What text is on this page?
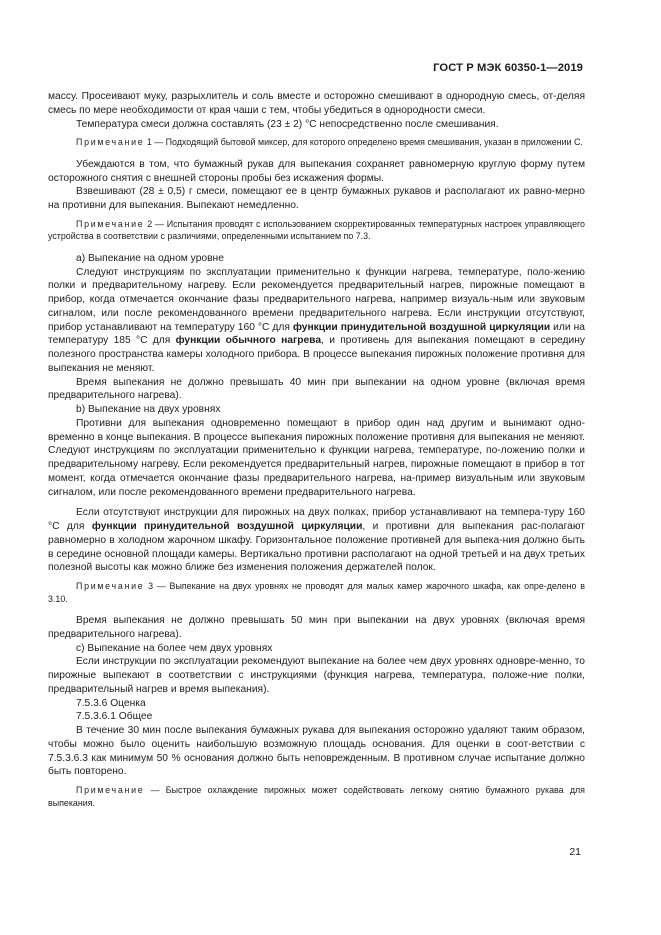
ГОСТ Р МЭК 60350-1—2019

массу. Просеивают муку, разрыхлитель и соль вместе и осторожно смешивают в однородную смесь, от-деляя смесь по мере необходимости от края чаши с тем, чтобы убедиться в однородности смеси.

Температура смеси должна составлять (23 ± 2) °С непосредственно после смешивания.

Примечание 1 — Подходящий бытовой миксер, для которого определено время смешивания, указан в приложении С.

Убеждаются в том, что бумажный рукав для выпекания сохраняет равномерную круглую форму путем осторожного снятия с внешней стороны пробы без искажения формы.

Взвешивают (28 ± 0,5) г смеси, помещают ее в центр бумажных рукавов и располагают их равно-мерно на противни для выпекания. Выпекают немедленно.

Примечание 2 — Испытания проводят с использованием скорректированных температурных настроек управляющего устройства в соответствии с различиями, определенными испытанием по 7.3.

a) Выпекание на одном уровне

Следуют инструкциям по эксплуатации применительно к функции нагрева, температуре, поло-жению полки и предварительному нагреву. Если рекомендуется предварительный нагрев, пирожные помещают в прибор, когда отмечается окончание фазы предварительного нагрева, например визуаль-ным или звуковым сигналом, или после рекомендованного времени предварительного нагрева. Если инструкции отсутствуют, прибор устанавливают на температуру 160 °С для функции принудительной воздушной циркуляции или на температуру 185 °С для функции обычного нагрева, и противень для выпекания помещают в середину полезного пространства камеры холодного прибора. В процессе выпекания пирожных положение противня для выпекания не меняют.

Время выпекания не должно превышать 40 мин при выпекании на одном уровне (включая время предварительного нагрева).

b) Выпекание на двух уровнях

Противни для выпекания одновременно помещают в прибор один над другим и вынимают одно-временно в конце выпекания. В процессе выпекания пирожных положение противня для выпекания не меняют. Следуют инструкциям по эксплуатации применительно к функции нагрева, температуре, по-ложению полки и предварительному нагреву. Если рекомендуется предварительный нагрев, пирожные помещают в прибор в тот момент, когда отмечается окончание фазы предварительного нагрева, на-пример визуальным или звуковым сигналом, или после рекомендованного времени предварительного нагрева.

Если отсутствуют инструкции для пирожных на двух полках, прибор устанавливают на темпера-туру 160 °С для функции принудительной воздушной циркуляции, и противни для выпекания рас-полагают равномерно в холодном жарочном шкафу. Горизонтальное положение противней для выпека-ния должно быть в середине основной площади камеры. Вертикально противни располагают на одной третьей и на двух третьих полезной высоты как можно ближе без изменения положения держателей полок.

Примечание 3 — Выпекание на двух уровнях не проводят для малых камер жарочного шкафа, как опре-делено в 3.10.

Время выпекания не должно превышать 50 мин при выпекании на двух уровнях (включая время предварительного нагрева).

c) Выпекание на более чем двух уровнях

Если инструкции по эксплуатации рекомендуют выпекание на более чем двух уровнях одновре-менно, то пирожные выпекают в соответствии с инструкциями (функция нагрева, температура, положе-ние полки, предварительный нагрев и время выпекания).

7.5.3.6 Оценка

7.5.3.6.1 Общее

В течение 30 мин после выпекания бумажных рукава для выпекания осторожно удаляют таким образом, чтобы можно было оценить наибольшую возможную площадь основания. Для оценки в соот-ветствии с 7.5.3.6.3 как минимум 50 % основания должно быть неповрежденным. В противном случае испытание должно быть повторено.

Примечание — Быстрое охлаждение пирожных может содействовать легкому снятию бумажного рукава для выпекания.

21
